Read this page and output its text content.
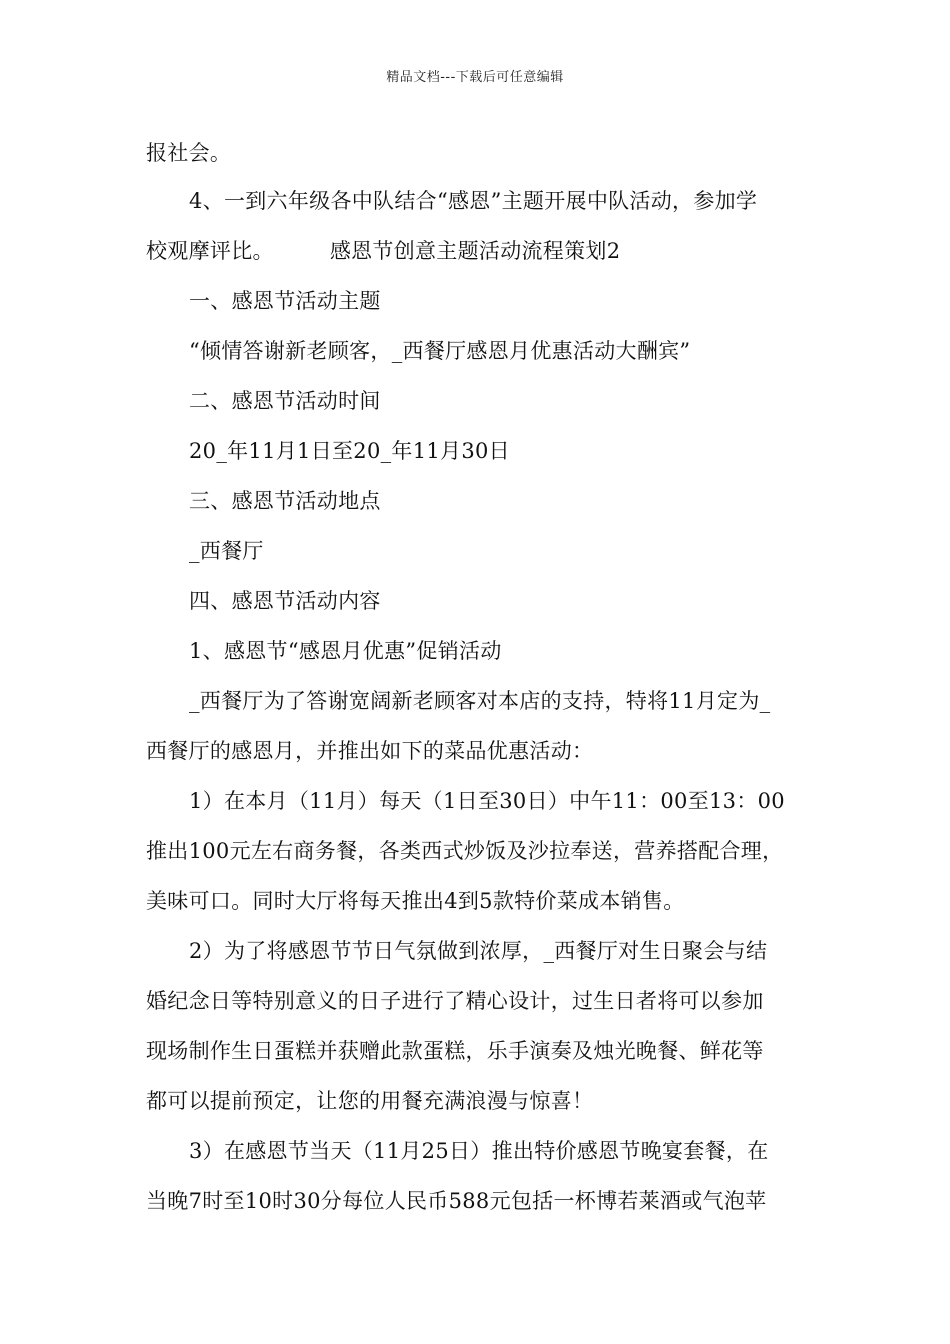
精品文档---下载后可任意编辑
报社会。
4、一到六年级各中队结合“感恩”主题开展中队活动，参加学
校观摩评比。	感恩节创意主题活动流程策划2
一、感恩节活动主题
“倾情答谢新老顾客，_西餐厅感恩月优惠活动大酬宾”
二、感恩节活动时间
20_年11月1日至20_年11月30日
三、感恩节活动地点
_西餐厅
四、感恩节活动内容
1、感恩节“感恩月优惠”促销活动
_西餐厅为了答谢宽阔新老顾客对本店的支持，特将11月定为_
西餐厅的感恩月，并推出如下的菜品优惠活动：
1）在本月（11月）每天（1日至30日）中午11：00至13：00
推出100元左右商务餐，各类西式炒饭及沙拉奉送，营养搭配合理，
美味可口。同时大厅将每天推出4到5款特价菜成本销售。
2）为了将感恩节节日气氛做到浓厚，_西餐厅对生日聚会与结
婚纪念日等特别意义的日子进行了精心设计，过生日者将可以参加
现场制作生日蛋糕并获赠此款蛋糕，乐手演奏及烛光晚餐、鲜花等
都可以提前预定，让您的用餐充满浪漫与惊喜！
3）在感恩节当天（11月25日）推出特价感恩节晚宴套餐，在
当晚7时至10时30分每位人民币588元包括一杯博若莱酒或气泡苹
